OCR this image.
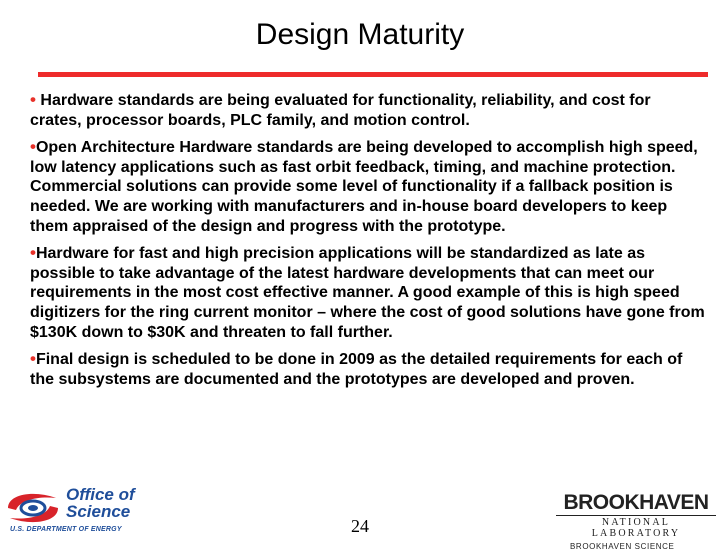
Design Maturity
• Hardware standards are being evaluated for functionality, reliability, and cost for crates, processor boards, PLC family, and motion control.
•Open Architecture Hardware standards are being developed to accomplish high speed, low latency applications such as fast orbit feedback, timing, and machine protection. Commercial solutions can provide some level of functionality if a fallback position is needed. We are working with manufacturers and in-house board developers to keep them appraised of the design and progress with the prototype.
•Hardware for fast and high precision applications will be standardized as late as possible to take advantage of the latest hardware developments that can meet our requirements in the most cost effective manner. A good example of this is high speed digitizers for the ring current monitor – where the cost of good solutions have gone from $130K down to $30K and threaten to fall further.
•Final design is scheduled to be done in 2009 as the detailed requirements for each of the subsystems are documented and the prototypes are developed and proven.
Office of
Science
U.S. DEPARTMENT OF ENERGY	24
BROOKHAVEN
NATIONAL LABORATORY
BROOKHAVEN SCIENCE
